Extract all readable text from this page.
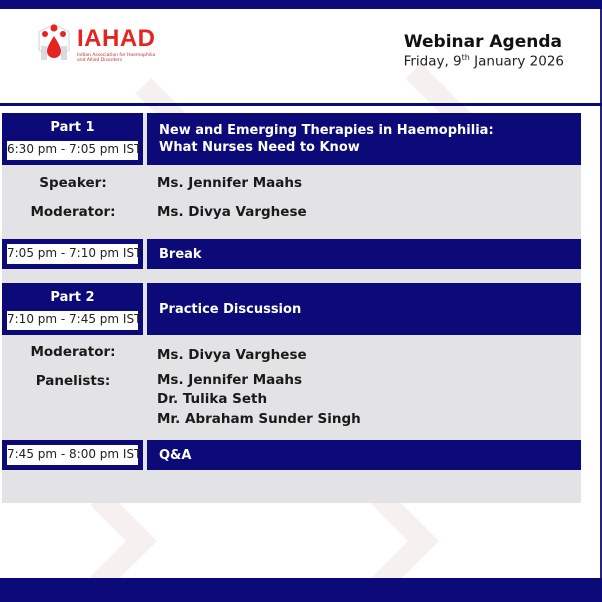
IAHAD
Indian Association for Haemophilia and Allied Disorders
Webinar Agenda
Friday, 9th January 2026
Part 1
6:30 pm - 7:05 pm IST
New and Emerging Therapies in Haemophilia:
What Nurses Need to Know
Speaker:	Ms. Jennifer Maahs
Moderator:	Ms. Divya Varghese
7:05 pm - 7:10 pm IST Break
Part 2
7:10 pm - 7:45 pm IST
Practice Discussion
Moderator:	Ms. Divya Varghese
Panelists:	Ms. Jennifer Maahs
Dr. Tulika Seth
Mr. Abraham Sunder Singh
7:45 pm - 8:00 pm IST Q&A
